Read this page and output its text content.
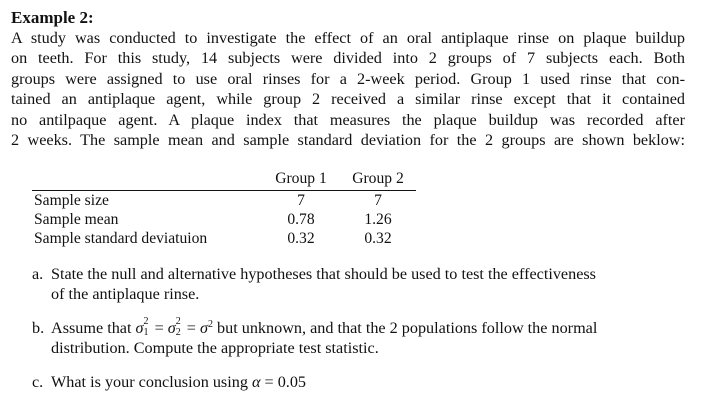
Example 2:
A study was conducted to investigate the effect of an oral antiplaque rinse on plaque buildup
on teeth. For this study, 14 subjects were divided into 2 groups of 7 subjects each. Both
groups were assigned to use oral rinses for a 2-week period. Group 1 used rinse that con-
tained an antiplaque agent, while group 2 received a similar rinse except that it contained
no antilpaque agent. A plaque index that measures the plaque buildup was recorded after
2 weeks. The sample mean and sample standard deviation for the 2 groups are shown beklow:
	Group 1	Group 2
Sample size	7	7
Sample mean	0.78	1.26
Sample standard deviatuion	0.32	0.32
a. State the null and alternative hypotheses that should be used to test the effectiveness
of the antiplaque rinse.
b. Assume that σ 2
1 = σ 2
$2 = \sigma^2$ but unknown, and that the 2 populations follow the normal
distribution. Compute the appropriate test statistic.
c. What is your conclusion using α = 0.05
